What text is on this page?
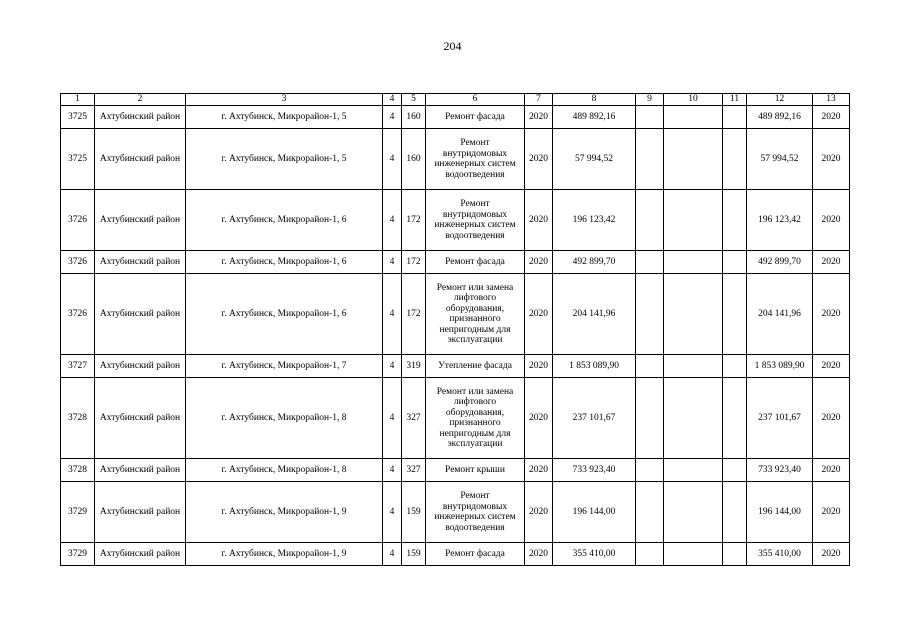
204
1	2	3	4	5	6	7	8	9	10	11	12	13
3725	Ахтубинский район	г. Ахтубинск, Микрорайон-1, 5	4	160	Ремонт фасада	2020	489 892,16				489 892,16	2020
3725	Ахтубинский район	г. Ахтубинск, Микрорайон-1, 5	4	160	Ремонт внутридомовых инженерных систем водоотведения	2020	57 994,52				57 994,52	2020
3726	Ахтубинский район	г. Ахтубинск, Микрорайон-1, 6	4	172	Ремонт внутридомовых инженерных систем водоотведения	2020	196 123,42				196 123,42	2020
3726	Ахтубинский район	г. Ахтубинск, Микрорайон-1, 6	4	172	Ремонт фасада	2020	492 899,70				492 899,70	2020
3726	Ахтубинский район	г. Ахтубинск, Микрорайон-1, 6	4	172	Ремонт или замена лифтового оборудования, признанного непригодным для эксплуатации	2020	204 141,96				204 141,96	2020
3727	Ахтубинский район	г. Ахтубинск, Микрорайон-1, 7	4	319	Утепление фасада	2020	1 853 089,90				1 853 089,90	2020
3728	Ахтубинский район	г. Ахтубинск, Микрорайон-1, 8	4	327	Ремонт или замена лифтового оборудования, признанного непригодным для эксплуатации	2020	237 101,67				237 101,67	2020
3728	Ахтубинский район	г. Ахтубинск, Микрорайон-1, 8	4	327	Ремонт крыши	2020	733 923,40				733 923,40	2020
3729	Ахтубинский район	г. Ахтубинск, Микрорайон-1, 9	4	159	Ремонт внутридомовых инженерных систем водоотведения	2020	196 144,00				196 144,00	2020
3729	Ахтубинский район	г. Ахтубинск, Микрорайон-1, 9	4	159	Ремонт фасада	2020	355 410,00				355 410,00	2020
